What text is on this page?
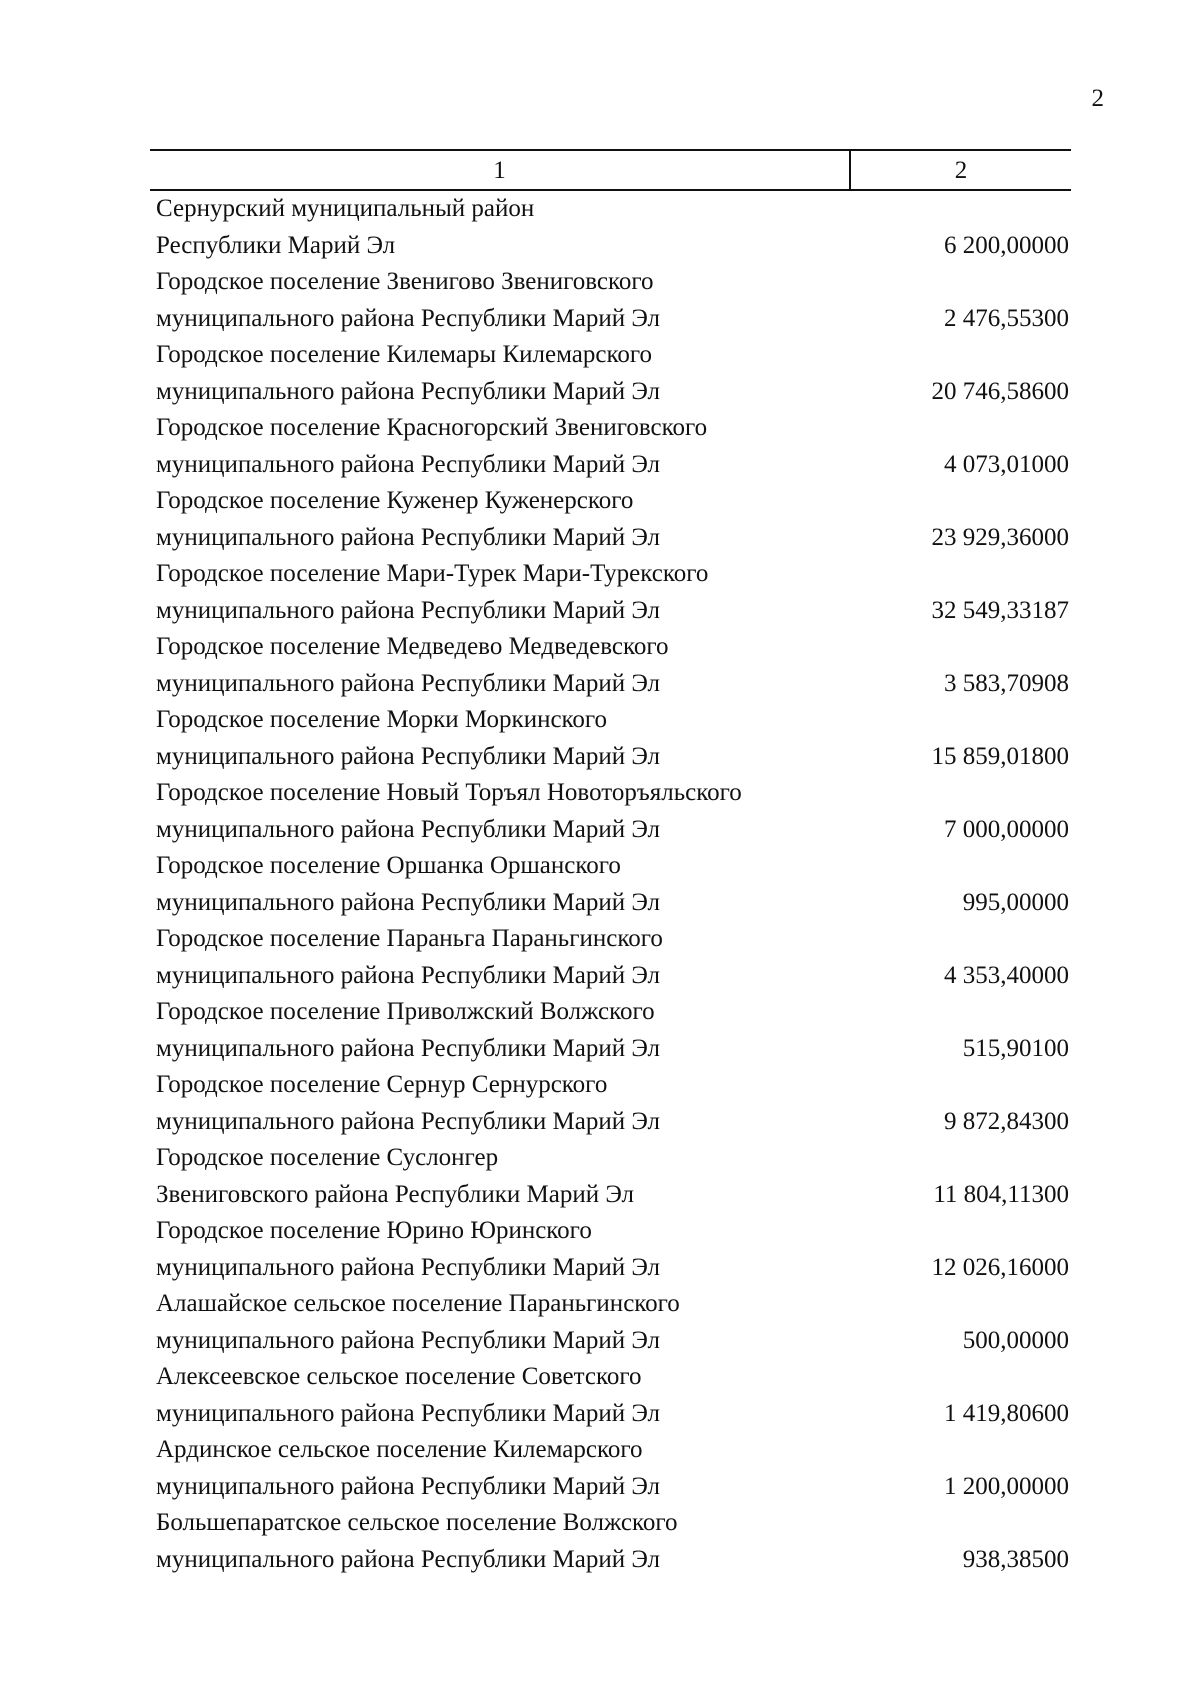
2
1	2
Сернурский муниципальный район
Республики Марий Эл	6 200,00000
Городское поселение Звенигово Звениговского
муниципального района Республики Марий Эл	2 476,55300
Городское поселение Килемары Килемарского
муниципального района Республики Марий Эл	20 746,58600
Городское поселение Красногорский Звениговского
муниципального района Республики Марий Эл	4 073,01000
Городское поселение Куженер Куженерского
муниципального района Республики Марий Эл	23 929,36000
Городское поселение Мари-Турек Мари-Турекского
муниципального района Республики Марий Эл	32 549,33187
Городское поселение Медведево Медведевского
муниципального района Республики Марий Эл	3 583,70908
Городское поселение Морки Моркинского
муниципального района Республики Марий Эл	15 859,01800
Городское поселение Новый Торъял Новоторъяльского
муниципального района Республики Марий Эл	7 000,00000
Городское поселение Оршанка Оршанского
муниципального района Республики Марий Эл	995,00000
Городское поселение Параньга Параньгинского
муниципального района Республики Марий Эл	4 353,40000
Городское поселение Приволжский Волжского
муниципального района Республики Марий Эл	515,90100
Городское поселение Сернур Сернурского
муниципального района Республики Марий Эл	9 872,84300
Городское поселение Суслонгер
Звениговского района Республики Марий Эл	11 804,11300
Городское поселение Юрино Юринского
муниципального района Республики Марий Эл	12 026,16000
Алашайское сельское поселение Параньгинского
муниципального района Республики Марий Эл	500,00000
Алексеевское сельское поселение Советского
муниципального района Республики Марий Эл	1 419,80600
Ардинское сельское поселение Килемарского
муниципального района Республики Марий Эл	1 200,00000
Большепаратское сельское поселение Волжского
муниципального района Республики Марий Эл	938,38500
